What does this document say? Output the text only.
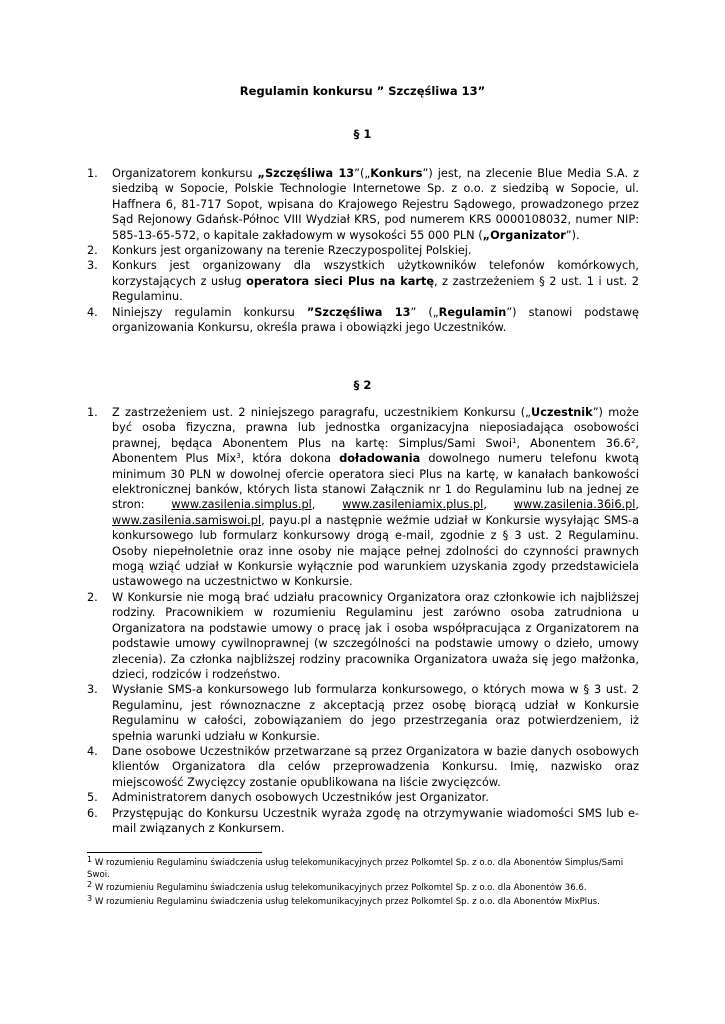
Regulamin konkursu ” Szczęśliwa 13”
§ 1
1. Organizatorem konkursu „Szczęśliwa 13”(„Konkurs”) jest, na zlecenie Blue Media S.A. z siedzibą w Sopocie, Polskie Technologie Internetowe Sp. z o.o. z siedzibą w Sopocie, ul. Haffnera 6, 81-717 Sopot, wpisana do Krajowego Rejestru Sądowego, prowadzonego przez Sąd Rejonowy Gdańsk-Północ VIII Wydział KRS, pod numerem KRS 0000108032, numer NIP: 585-13-65-572, o kapitale zakładowym w wysokości 55 000 PLN („Organizator”).
2. Konkurs jest organizowany na terenie Rzeczypospolitej Polskiej.
3. Konkurs jest organizowany dla wszystkich użytkowników telefonów komórkowych, korzystających z usług operatora sieci Plus na kartę, z zastrzeżeniem § 2 ust. 1 i ust. 2 Regulaminu.
4. Niniejszy regulamin konkursu ”Szczęśliwa 13” („Regulamin”) stanowi podstawę organizowania Konkursu, określa prawa i obowiązki jego Uczestników.
§ 2
1. Z zastrzeżeniem ust. 2 niniejszego paragrafu, uczestnikiem Konkursu („Uczestnik”) może być osoba fizyczna, prawna lub jednostka organizacyjna nieposiadająca osobowości prawnej, będąca Abonentem Plus na kartę: Simplus/Sami Swoi$^1$, Abonentem 36.6$^2$, Abonentem Plus Mix$^3$, która dokona doładowania dowolnego numeru telefonu kwotą minimum 30 PLN w dowolnej ofercie operatora sieci Plus na kartę, w kanałach bankowości elektronicznej banków, których lista stanowi Załącznik nr 1 do Regulaminu lub na jednej ze stron: www.zasilenia.simplus.pl, www.zasileniamix.plus.pl, www.zasilenia.36i6.pl, www.zasilenia.samiswoi.pl, payu.pl a następnie weźmie udział w Konkursie wysyłając SMS-a konkursowego lub formularz konkursowy drogą e-mail, zgodnie z § 3 ust. 2 Regulaminu. Osoby niepełnoletnie oraz inne osoby nie mające pełnej zdolności do czynności prawnych mogą wziąć udział w Konkursie wyłącznie pod warunkiem uzyskania zgody przedstawiciela ustawowego na uczestnictwo w Konkursie.
2. W Konkursie nie mogą brać udziału pracownicy Organizatora oraz członkowie ich najbliższej rodziny. Pracownikiem w rozumieniu Regulaminu jest zarówno osoba zatrudniona u Organizatora na podstawie umowy o pracę jak i osoba współpracująca z Organizatorem na podstawie umowy cywilnoprawnej (w szczególności na podstawie umowy o dzieło, umowy zlecenia). Za członka najbliższej rodziny pracownika Organizatora uważa się jego małżonka, dzieci, rodziców i rodzeństwo.
3. Wysłanie SMS-a konkursowego lub formularza konkursowego, o których mowa w § 3 ust. 2 Regulaminu, jest równoznaczne z akceptacją przez osobę biorącą udział w Konkursie Regulaminu w całości, zobowiązaniem do jego przestrzegania oraz potwierdzeniem, iż spełnia warunki udziału w Konkursie.
4. Dane osobowe Uczestników przetwarzane są przez Organizatora w bazie danych osobowych klientów Organizatora dla celów przeprowadzenia Konkursu. Imię, nazwisko oraz miejscowość Zwycięzcy zostanie opublikowana na liście zwycięzców.
5. Administratorem danych osobowych Uczestników jest Organizator.
6. Przystępując do Konkursu Uczestnik wyraża zgodę na otrzymywanie wiadomości SMS lub e-mail związanych z Konkursem.

$^1$ W rozumieniu Regulaminu świadczenia usług telekomunikacyjnych przez Polkomtel Sp. z o.o. dla Abonentów Simplus/Sami Swoi.

$^2$ W rozumieniu Regulaminu świadczenia usług telekomunikacyjnych przez Polkomtel Sp. z o.o. dla Abonentów 36.6.

$^3$ W rozumieniu Regulaminu świadczenia usług telekomunikacyjnych przez Polkomtel Sp. z o.o. dla Abonentów MixPlus.
